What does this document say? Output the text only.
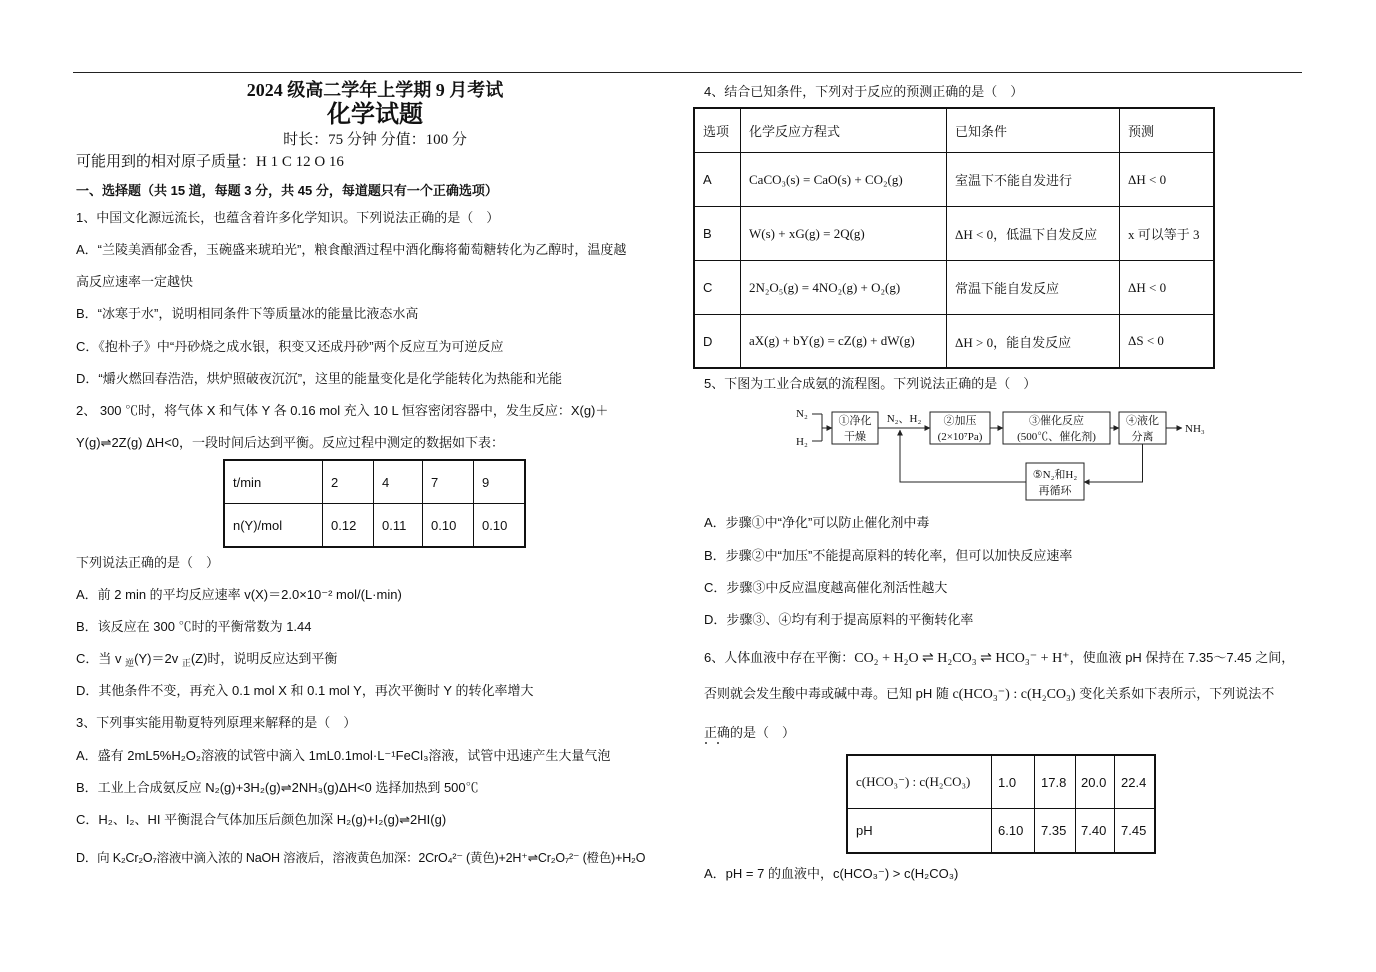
2024 级高二学年上学期 9 月考试
化学试题
时长：75 分钟 分值：100 分
可能用到的相对原子质量：H 1 C 12 O 16
一、选择题（共 15 道，每题 3 分，共 45 分，每道题只有一个正确选项）
1、中国文化源远流长，也蕴含着许多化学知识。下列说法正确的是（　）
A．“兰陵美酒郁金香，玉碗盛来琥珀光”，粮食酿酒过程中酒化酶将葡萄糖转化为乙醇时，温度越
高反应速率一定越快
B．“冰寒于水”，说明相同条件下等质量冰的能量比液态水高
C．《抱朴子》中“丹砂烧之成水银，积变又还成丹砂”两个反应互为可逆反应
D．“爝火燃回春浩浩，烘炉照破夜沉沉”，这里的能量变化是化学能转化为热能和光能
2、 300 ℃时，将气体 X 和气体 Y 各 0.16 mol 充入 10 L 恒容密闭容器中，发生反应：X(g)＋
Y(g)⇌2Z(g) ΔH<0，一段时间后达到平衡。反应过程中测定的数据如下表：
t/min	2	4	7	9
n(Y)/mol	0.12	0.11	0.10	0.10
下列说法正确的是（　）
A．前 2 min 的平均反应速率 v(X)＝2.0×10⁻² mol/(L·min)
B．该反应在 300 ℃时的平衡常数为 1.44
C．当 v $_逆$(Y)＝2v $_正$(Z)时，说明反应达到平衡
D．其他条件不变，再充入 0.1 mol X 和 0.1 mol Y，再次平衡时 Y 的转化率增大
3、下列事实能用勒夏特列原理来解释的是（　）
A．盛有 2mL5%H₂O₂溶液的试管中滴入 1mL0.1mol·L⁻¹FeCl₃溶液，试管中迅速产生大量气泡
B．工业上合成氨反应 N₂(g)+3H₂(g)⇌2NH₃(g)ΔH<0 选择加热到 500℃
C．H₂、I₂、HI 平衡混合气体加压后颜色加深 H₂(g)+I₂(g)⇌2HI(g)
D．向 K₂Cr₂O₇溶液中滴入浓的 NaOH 溶液后，溶液黄色加深：2CrO₄²⁻ (黄色)+2H⁺⇌Cr₂O₇²⁻ (橙色)+H₂O
4、结合已知条件，下列对于反应的预测正确的是（　）
选项	化学反应方程式	已知条件	预测
A	CaCO₃(s) = CaO(s) + CO₂(g)	室温下不能自发进行	ΔH < 0
B	W(s) + xG(g) = 2Q(g)	ΔH < 0，低温下自发反应	x 可以等于 3
C	2N₂O₅(g) = 4NO₂(g) + O₂(g)	常温下能自发反应	ΔH < 0
D	aX(g) + bY(g) = cZ(g) + dW(g)	ΔH > 0，能自发反应	ΔS < 0
5、下图为工业合成氨的流程图。下列说法正确的是（　）
N₂
H₂
①净化
干燥
N₂、H₂ ②加压
(2×10⁷Pa)
③催化反应
(500℃、催化剂)
④液化
分离
NH₃
⑤N₂和H₂
再循环
A．步骤①中“净化”可以防止催化剂中毒
B．步骤②中“加压”不能提高原料的转化率，但可以加快反应速率
C．步骤③中反应温度越高催化剂活性越大
D．步骤③、④均有利于提高原料的平衡转化率
6、人体血液中存在平衡：CO₂ + H₂O ⇌ H₂CO₃ ⇌ HCO₃⁻ + H⁺，使血液 pH 保持在 7.35～7.45 之间，
否则就会发生酸中毒或碱中毒。已知 pH 随 c(HCO₃⁻) : c(H₂CO₃) 变化关系如下表所示，下列说法不
正确的是（　）
c(HCO₃⁻) : c(H₂CO₃)	1.0	17.8	20.0	22.4
pH	6.10	7.35	7.40	7.45
A．pH = 7 的血液中，c(HCO₃⁻) > c(H₂CO₃)
